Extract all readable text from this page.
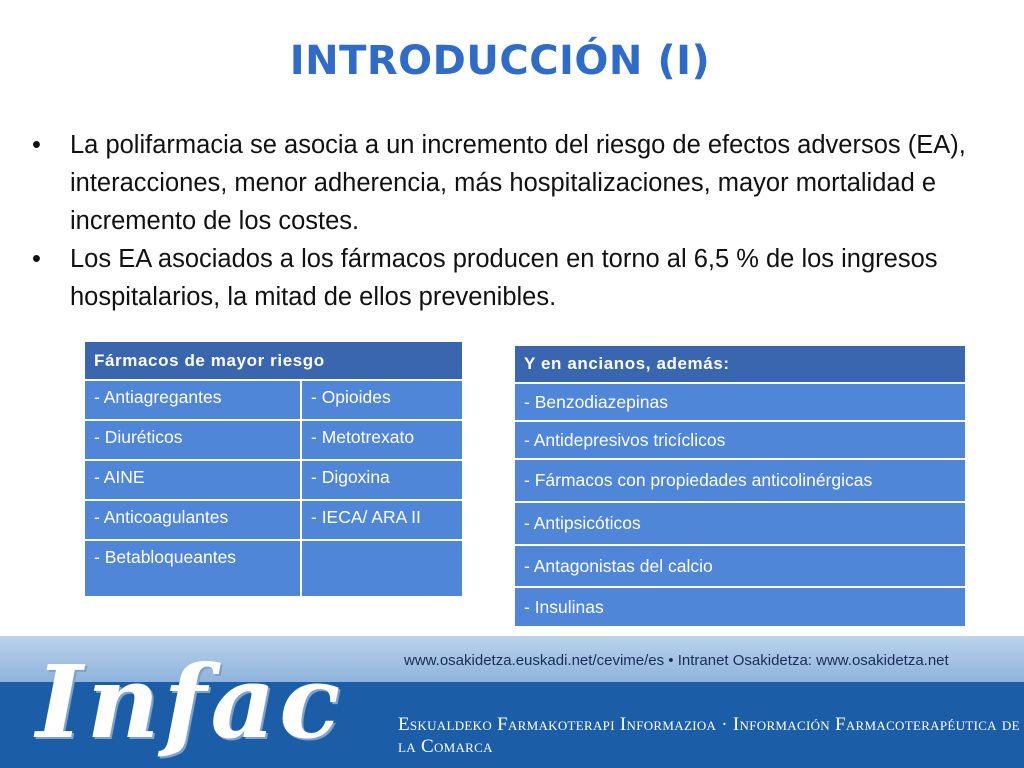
INTRODUCCIÓN (I)
•	La polifarmacia se asocia a un incremento del riesgo de efectos adversos (EA), interacciones, menor adherencia, más hospitalizaciones, mayor mortalidad e incremento de los costes.
•	Los EA asociados a los fármacos producen en torno al 6,5 % de los ingresos hospitalarios, la mitad de ellos prevenibles.
Fármacos de mayor riesgo	
- Antiagregantes	- Opioides
- Diuréticos	- Metotrexato
- AINE	- Digoxina
- Anticoagulantes	- IECA/ ARA II
- Betabloqueantes	
Y en ancianos, además:
- Benzodiazepinas
- Antidepresivos tricíclicos
- Fármacos con propiedades anticolinérgicas
- Antipsicóticos
- Antagonistas del calcio
- Insulinas
Infac	www.osakidetza.euskadi.net/cevime/es • Intranet Osakidetza: www.osakidetza.net
Eskualdeko Farmakoterapi Informazioa · Información Farmacoterapéutica de la Comarca
